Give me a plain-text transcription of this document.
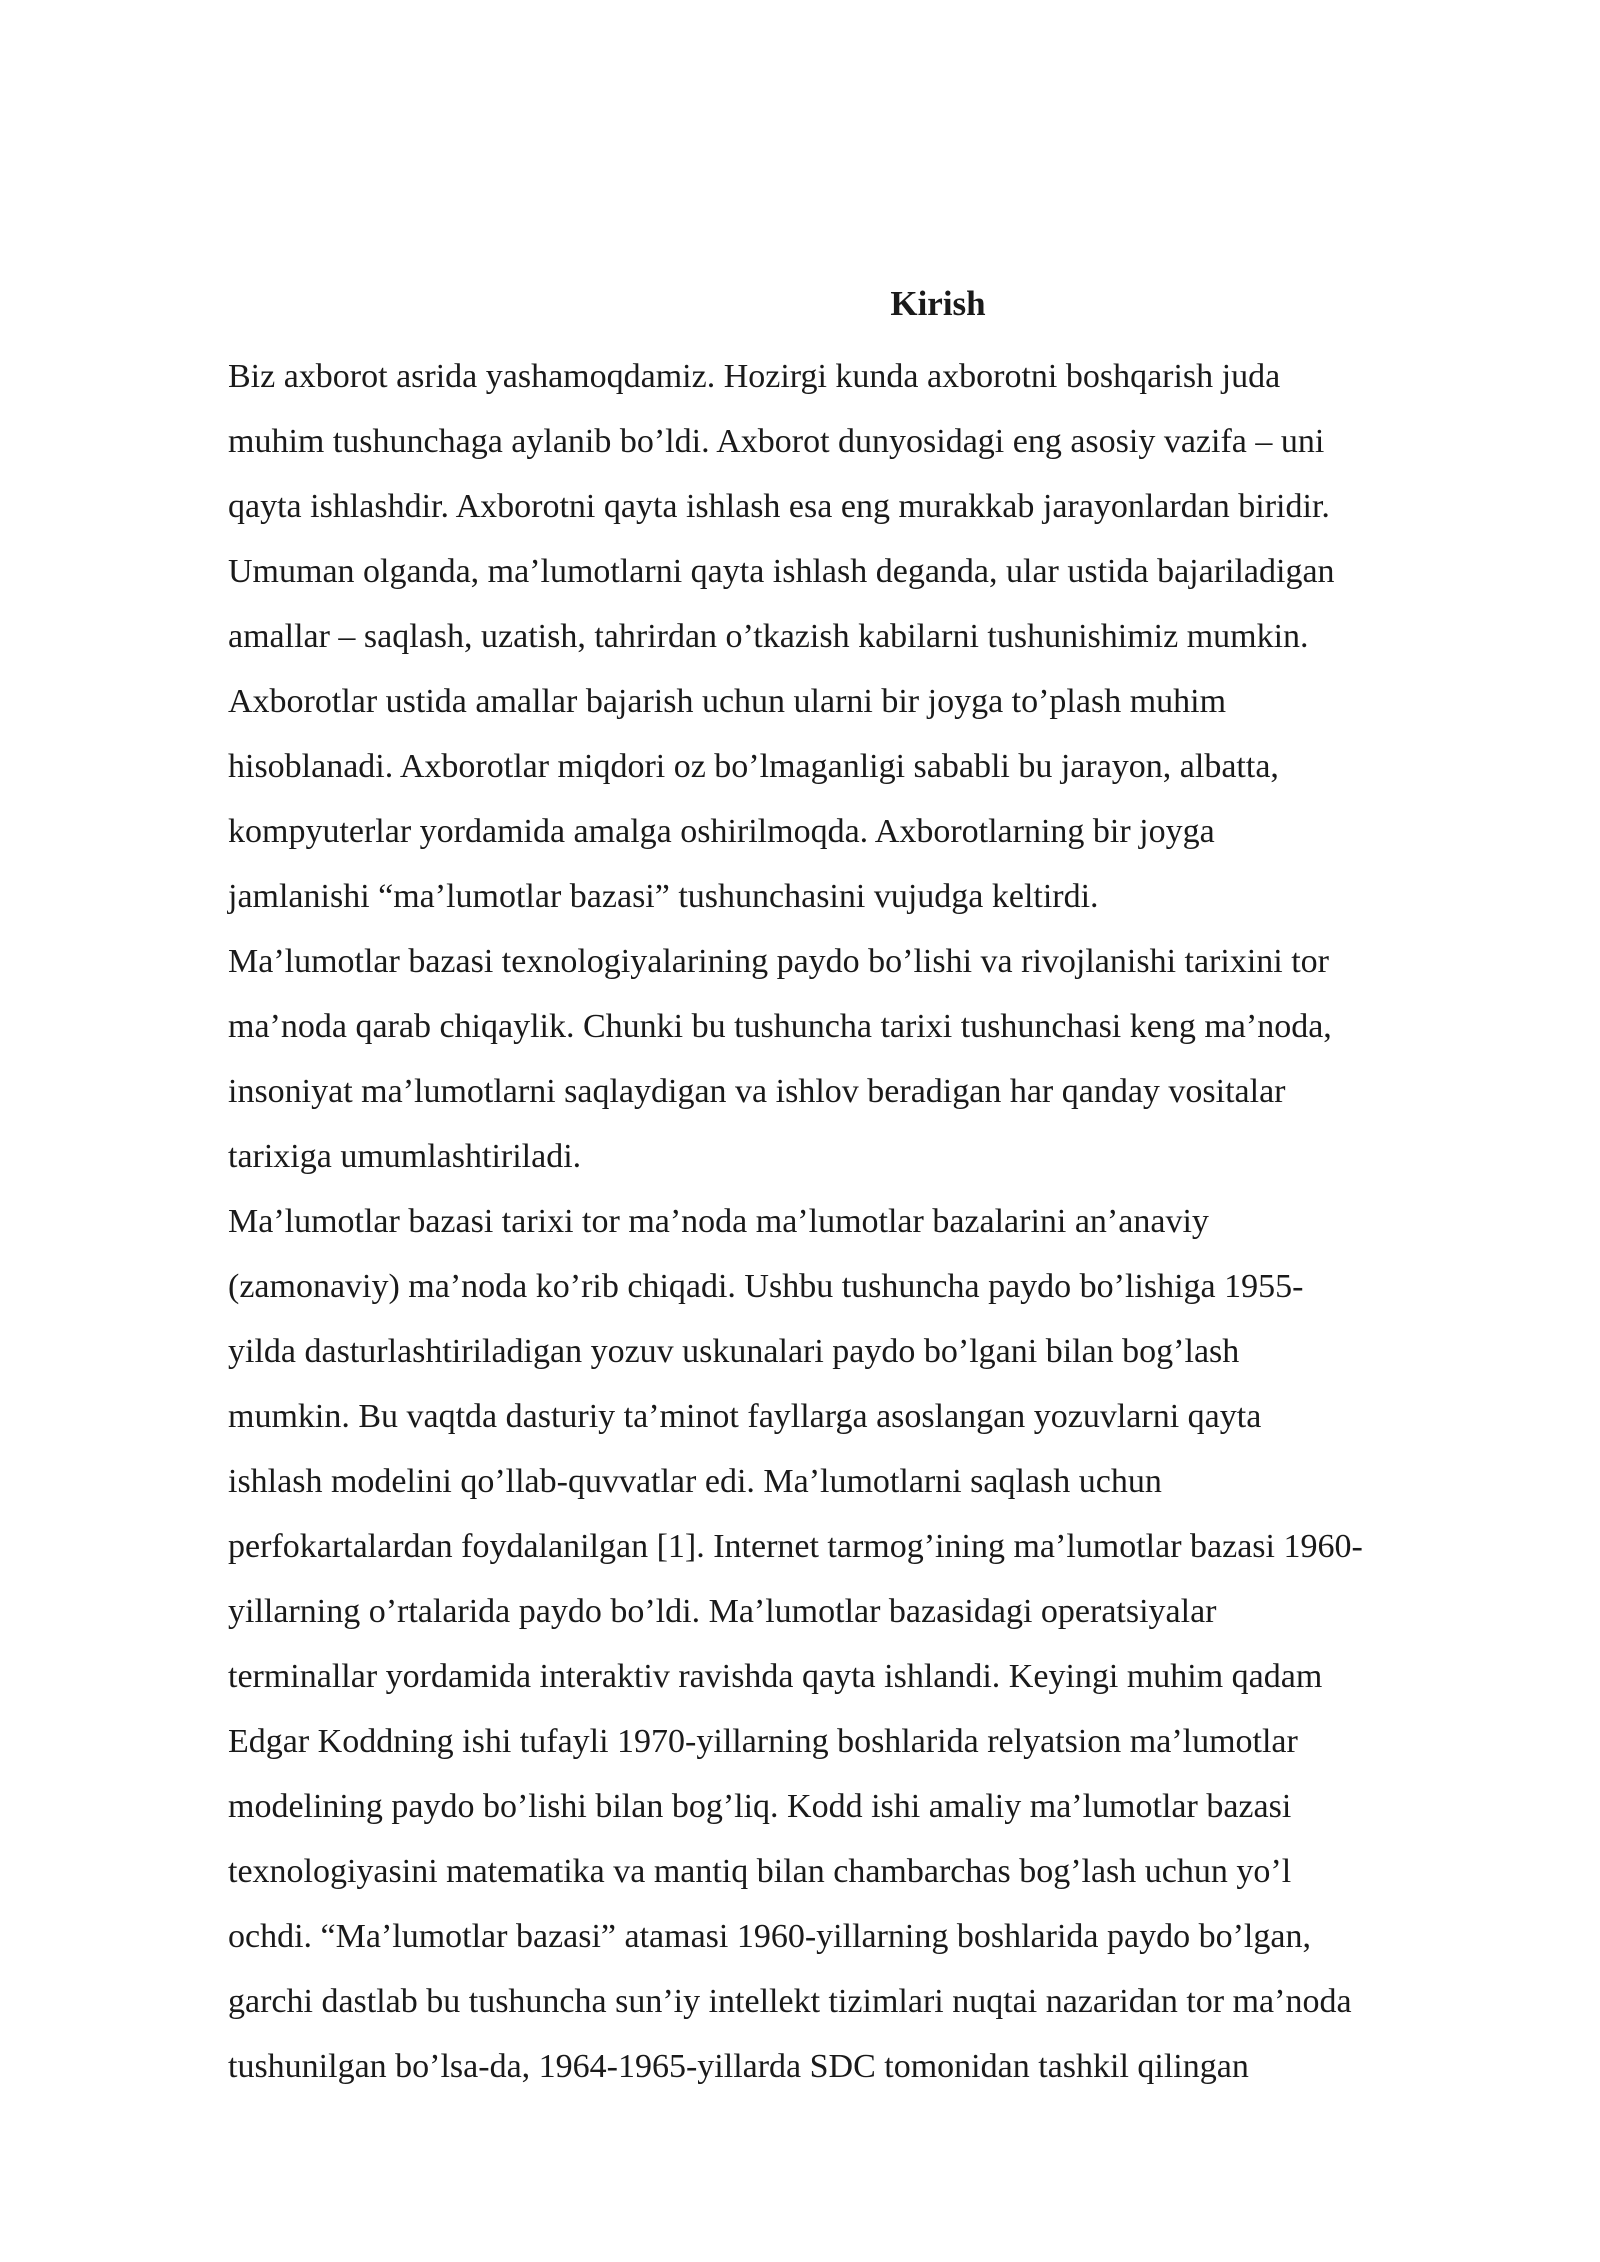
Kirish
Biz axborot asrida yashamoqdamiz. Hozirgi kunda axborotni boshqarish juda
muhim tushunchaga aylanib bo’ldi. Axborot dunyosidagi eng asosiy vazifa – uni
qayta ishlashdir. Axborotni qayta ishlash esa eng murakkab jarayonlardan biridir.
Umuman olganda, ma’lumotlarni qayta ishlash deganda, ular ustida bajariladigan
amallar – saqlash, uzatish, tahrirdan o’tkazish kabilarni tushunishimiz mumkin.
Axborotlar ustida amallar bajarish uchun ularni bir joyga to’plash muhim
hisoblanadi. Axborotlar miqdori oz bo’lmaganligi sababli bu jarayon, albatta,
kompyuterlar yordamida amalga oshirilmoqda. Axborotlarning bir joyga
jamlanishi “ma’lumotlar bazasi” tushunchasini vujudga keltirdi.
Ma’lumotlar bazasi texnologiyalarining paydo bo’lishi va rivojlanishi tarixini tor
ma’noda qarab chiqaylik. Chunki bu tushuncha tarixi tushunchasi keng ma’noda,
insoniyat ma’lumotlarni saqlaydigan va ishlov beradigan har qanday vositalar
tarixiga umumlashtiriladi.
Ma’lumotlar bazasi tarixi tor ma’noda ma’lumotlar bazalarini an’anaviy
(zamonaviy) ma’noda ko’rib chiqadi. Ushbu tushuncha paydo bo’lishiga 1955-
yilda dasturlashtiriladigan yozuv uskunalari paydo bo’lgani bilan bog’lash
mumkin. Bu vaqtda dasturiy ta’minot fayllarga asoslangan yozuvlarni qayta
ishlash modelini qo’llab-quvvatlar edi. Ma’lumotlarni saqlash uchun
perfokartalardan foydalanilgan [1]. Internet tarmog’ining ma’lumotlar bazasi 1960-
yillarning o’rtalarida paydo bo’ldi. Ma’lumotlar bazasidagi operatsiyalar
terminallar yordamida interaktiv ravishda qayta ishlandi. Keyingi muhim qadam
Edgar Koddning ishi tufayli 1970-yillarning boshlarida relyatsion ma’lumotlar
modelining paydo bo’lishi bilan bog’liq. Kodd ishi amaliy ma’lumotlar bazasi
texnologiyasini matematika va mantiq bilan chambarchas bog’lash uchun yo’l
ochdi. “Ma’lumotlar bazasi” atamasi 1960-yillarning boshlarida paydo bo’lgan,
garchi dastlab bu tushuncha sun’iy intellekt tizimlari nuqtai nazaridan tor ma’noda
tushunilgan bo’lsa-da, 1964-1965-yillarda SDC tomonidan tashkil qilingan
